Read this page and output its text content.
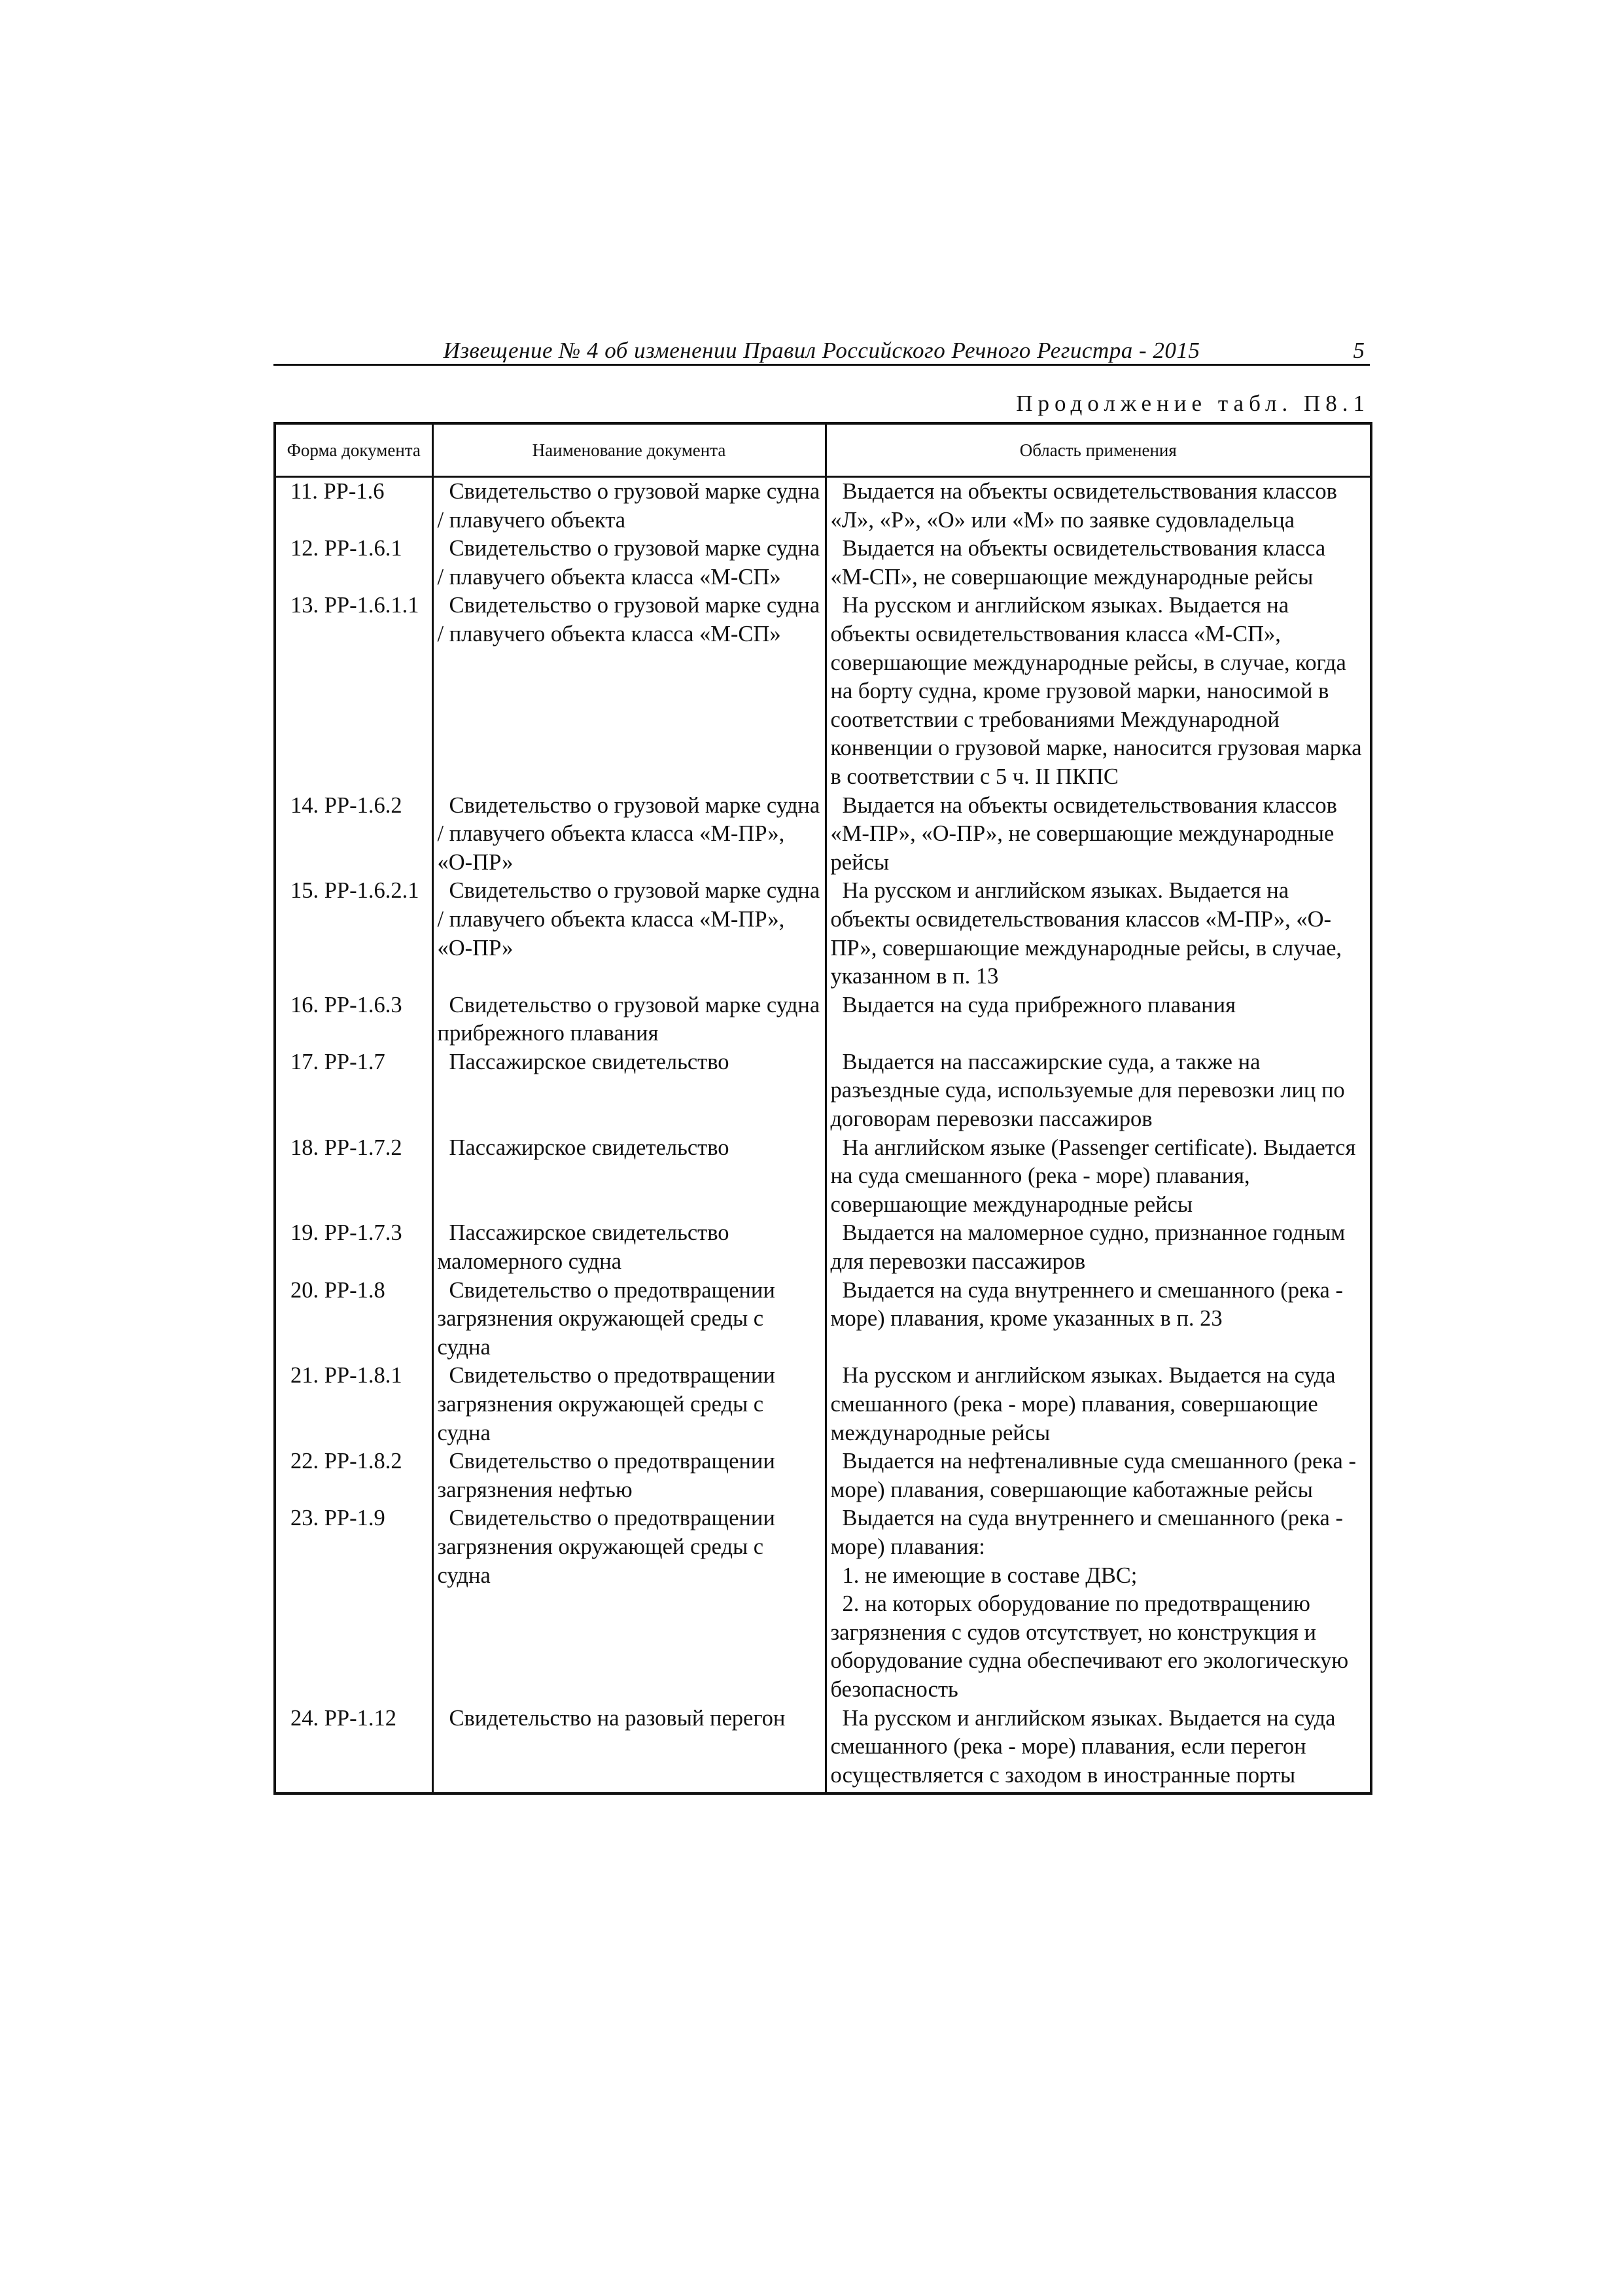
Извещение № 4 об изменении Правил Российского Речного Регистра - 2015	5
Продолжение табл. П8.1
Форма документа	Наименование документа	Область применения
11. РР-1.6	Свидетельство о грузовой марке судна / плавучего объекта	Выдается на объекты освидетельствования классов «Л», «Р», «О» или «М» по заявке судовладельца

12. РР-1.6.1	Свидетельство о грузовой марке судна / плавучего объекта класса «М-СП»	Выдается на объекты освидетельствования класса «М-СП», не совершающие международные рейсы

13. РР-1.6.1.1	Свидетельство о грузовой марке судна / плавучего объекта класса «М-СП»	На русском и английском языках. Выдается на объекты освидетельствования класса «М-СП», совершающие международные рейсы, в случае, когда на борту судна, кроме грузовой марки, наносимой в соответствии с требованиями Международной конвенции о грузовой марке, наносится грузовая марка в соответствии с 5 ч. II ПКПС

14. РР-1.6.2	Свидетельство о грузовой марке судна / плавучего объекта класса «М-ПР», «О-ПР»	Выдается на объекты освидетельствования классов «М-ПР», «О-ПР», не совершающие международные рейсы

15. РР-1.6.2.1	Свидетельство о грузовой марке судна / плавучего объекта класса «М-ПР», «О-ПР»	На русском и английском языках. Выдается на объекты освидетельствования классов «М-ПР», «О-ПР», совершающие международные рейсы, в случае, указанном в п. 13

16. РР-1.6.3	Свидетельство о грузовой марке судна прибрежного плавания	Выдается на суда прибрежного плавания

17. РР-1.7	Пассажирское свидетельство	Выдается на пассажирские суда, а также на разъездные суда, используемые для перевозки лиц по договорам перевозки пассажиров

18. РР-1.7.2	Пассажирское свидетельство	На английском языке (Passenger certificate). Выдается на суда смешанного (река - море) плавания, совершающие международные рейсы

19. РР-1.7.3	Пассажирское свидетельство маломерного судна	Выдается на маломерное судно, признанное годным для перевозки пассажиров

20. РР-1.8	Свидетельство о предотвращении загрязнения окружающей среды с судна	Выдается на суда внутреннего и смешанного (река - море) плавания, кроме указанных в п. 23

21. РР-1.8.1	Свидетельство о предотвращении загрязнения окружающей среды с судна	На русском и английском языках. Выдается на суда смешанного (река - море) плавания, совершающие международные рейсы

22. РР-1.8.2	Свидетельство о предотвращении загрязнения нефтью	Выдается на нефтеналивные суда смешанного (река - море) плавания, совершающие каботажные рейсы

23. РР-1.9	Свидетельство о предотвращении загрязнения окружающей среды с судна	Выдается на суда внутреннего и смешанного (река - море) плавания:
1. не имеющие в составе ДВС;
2. на которых оборудование по предотвращению загрязнения с судов отсутствует, но конструкция и оборудование судна обеспечивают его экологическую безопасность

24. РР-1.12	Свидетельство на разовый перегон	На русском и английском языках. Выдается на суда смешанного (река - море) плавания, если перегон осуществляется с заходом в иностранные порты
